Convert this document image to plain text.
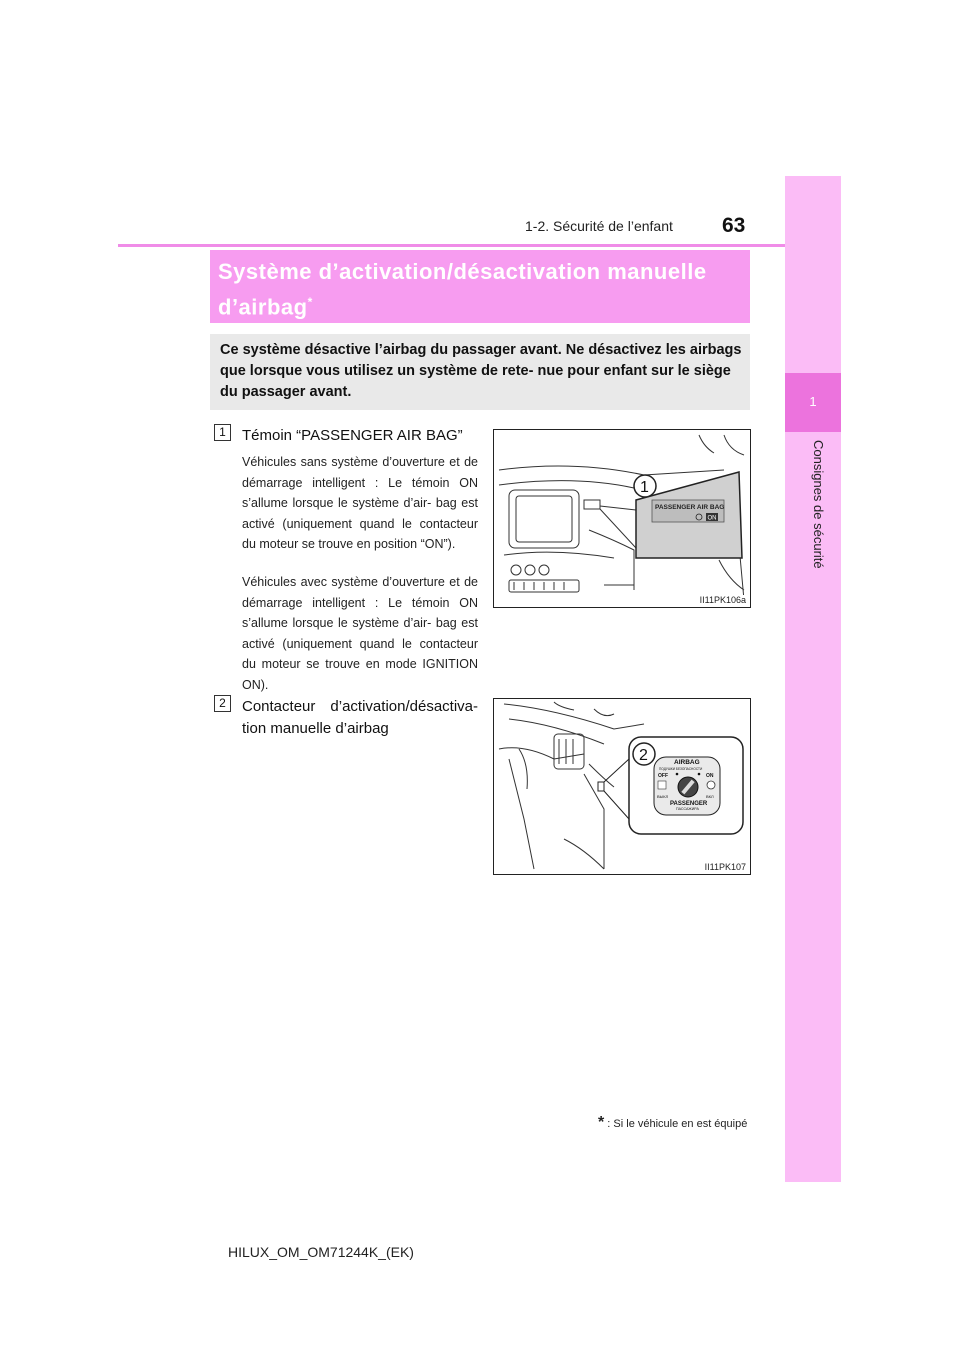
1-2. Sécurité de l’enfant 63
1
Consignes de sécurité
Système d’activation/désactivation manuelle d’airbag*
Ce système désactive l’airbag du passager avant. Ne désactivez les airbags que lorsque vous utilisez un système de rete- nue pour enfant sur le siège du passager avant.
1	Témoin “PASSENGER AIR BAG”
Véhicules sans système d’ouverture et de démarrage intelligent : Le témoin ON s’allume lorsque le système d’air- bag est activé (uniquement quand le contacteur du moteur se trouve en position “ON”).
Véhicules avec système d’ouverture et de démarrage intelligent : Le témoin ON s’allume lorsque le système d’air- bag est activé (uniquement quand le contacteur du moteur se trouve en mode IGNITION ON).
2	Contacteur d’activation/désactiva- tion manuelle d’airbag
PASSENGER AIR BAG
ON
1
II11PK106a
2	AIRBAG
ПОДУШКИ БЕЗОПАСНОСТИ
OFF	ON
ВЫКЛ	ВКЛ
PASSENGER
ПАССАЖИРА
II11PK107
* : Si le véhicule en est équipé
HILUX_OM_OM71244K_(EK)
